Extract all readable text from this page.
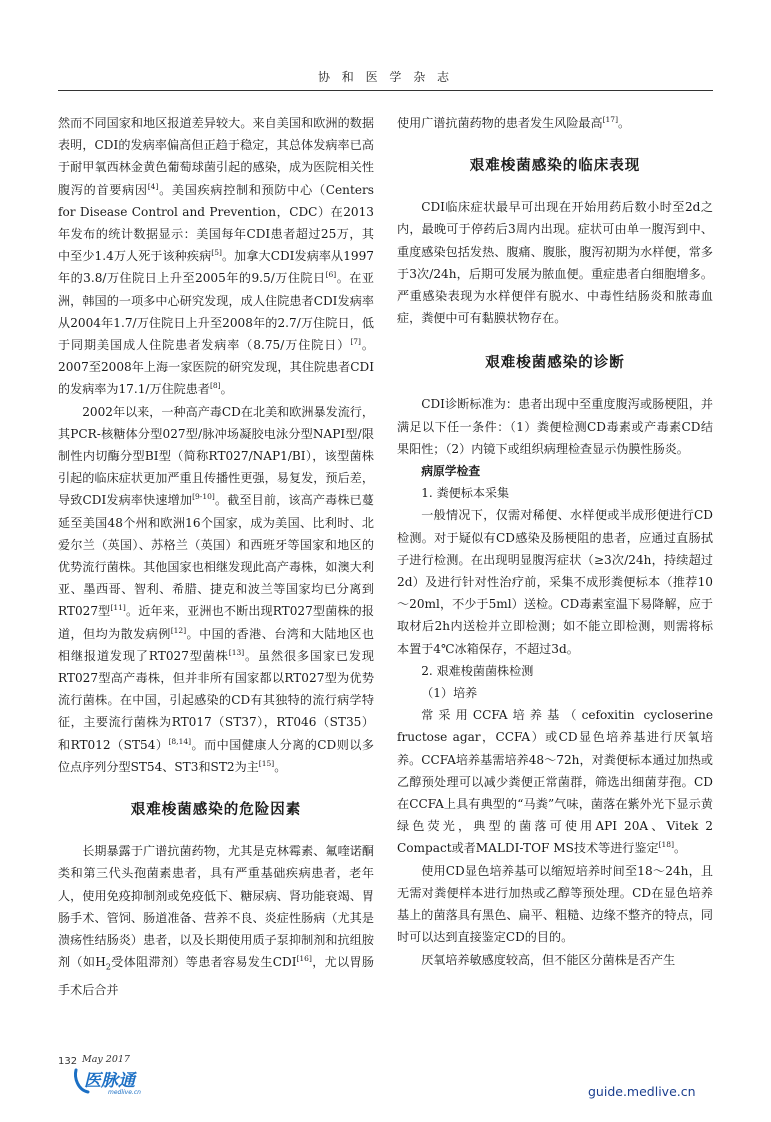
协 和 医 学 杂 志

然而不同国家和地区报道差异较大。来自美国和欧洲的数据表明，CDI的发病率偏高但正趋于稳定，其总体发病率已高于耐甲氧西林金黄色葡萄球菌引起的感染，成为医院相关性腹泻的首要病因[4]。美国疾病控制和预防中心（Centers for Disease Control and Prevention，CDC）在2013年发布的统计数据显示：美国每年CDI患者超过25万，其中至少1.4万人死于该种疾病[5]。加拿大CDI发病率从1997年的3.8/万住院日上升至2005年的9.5/万住院日[6]。在亚洲，韩国的一项多中心研究发现，成人住院患者CDI发病率从2004年1.7/万住院日上升至2008年的2.7/万住院日，低于同期美国成人住院患者发病率（8.75/万住院日）[7]。2007至2008年上海一家医院的研究发现，其住院患者CDI的发病率为17.1/万住院患者[8]。

2002年以来，一种高产毒CD在北美和欧洲暴发流行，其PCR-核糖体分型027型/脉冲场凝胶电泳分型NAPI型/限制性内切酶分型BI型（简称RT027/NAP1/BI），该型菌株引起的临床症状更加严重且传播性更强，易复发，预后差，导致CDI发病率快速增加[9-10]。截至目前，该高产毒株已蔓延至美国48个州和欧洲16个国家，成为美国、比利时、北爱尔兰（英国）、苏格兰（英国）和西班牙等国家和地区的优势流行菌株。其他国家也相继发现此高产毒株，如澳大利亚、墨西哥、智利、希腊、捷克和波兰等国家均已分离到RT027型[11]。近年来，亚洲也不断出现RT027型菌株的报道，但均为散发病例[12]。中国的香港、台湾和大陆地区也相继报道发现了RT027型菌株[13]。虽然很多国家已发现RT027型高产毒株，但并非所有国家都以RT027型为优势流行菌株。在中国，引起感染的CD有其独特的流行病学特征，主要流行菌株为RT017（ST37），RT046（ST35）和RT012（ST54）[8,14]。而中国健康人分离的CD则以多位点序列分型ST54、ST3和ST2为主[15]。

艰难梭菌感染的危险因素

长期暴露于广谱抗菌药物，尤其是克林霉素、氟喹诺酮类和第三代头孢菌素患者，具有严重基础疾病患者，老年人，使用免疫抑制剂或免疫低下、糖尿病、肾功能衰竭、胃肠手术、管饲、肠道准备、营养不良、炎症性肠病（尤其是溃疡性结肠炎）患者，以及长期使用质子泵抑制剂和抗组胺剂（如$H_2$受体阻滞剂）等患者容易发生CDI[16]，尤以胃肠手术后合并

使用广谱抗菌药物的患者发生风险最高[17]。

艰难梭菌感染的临床表现

CDI临床症状最早可出现在开始用药后数小时至2d之内，最晚可于停药后3周内出现。症状可由单一腹泻到中、重度感染包括发热、腹痛、腹胀，腹泻初期为水样便，常多于3次/24h，后期可发展为脓血便。重症患者白细胞增多。严重感染表现为水样便伴有脱水、中毒性结肠炎和脓毒血症，粪便中可有黏膜状物存在。

艰难梭菌感染的诊断

CDI诊断标准为：患者出现中至重度腹泻或肠梗阻，并满足以下任一条件：（1）粪便检测CD毒素或产毒素CD结果阳性；（2）内镜下或组织病理检查显示伪膜性肠炎。

病原学检查

1. 粪便标本采集

一般情况下，仅需对稀便、水样便或半成形便进行CD检测。对于疑似有CD感染及肠梗阻的患者，应通过直肠拭子进行检测。在出现明显腹泻症状（≥3次/24h，持续超过2d）及进行针对性治疗前，采集不成形粪便标本（推荐10～20ml，不少于5ml）送检。CD毒素室温下易降解，应于取材后2h内送检并立即检测；如不能立即检测，则需将标本置于4℃冰箱保存，不超过3d。

2. 艰难梭菌菌株检测

（1）培养

常采用CCFA培养基（cefoxitin cycloserine fructose agar，CCFA）或CD显色培养基进行厌氧培养。CCFA培养基需培养48～72h，对粪便标本通过加热或乙醇预处理可以减少粪便正常菌群，筛选出细菌芽孢。CD在CCFA上具有典型的“马粪”气味，菌落在紫外光下显示黄绿色荧光，典型的菌落可使用API 20A、Vitek 2 Compact或者MALDI-TOF MS技术等进行鉴定[18]。

使用CD显色培养基可以缩短培养时间至18～24h，且无需对粪便样本进行加热或乙醇等预处理。CD在显色培养基上的菌落具有黑色、扁平、粗糙、边缘不整齐的特点，同时可以达到直接鉴定CD的目的。

厌氧培养敏感度较高，但不能区分菌株是否产生

132 May 2017
医脉通
medlive.cn	guide.medlive.cn
